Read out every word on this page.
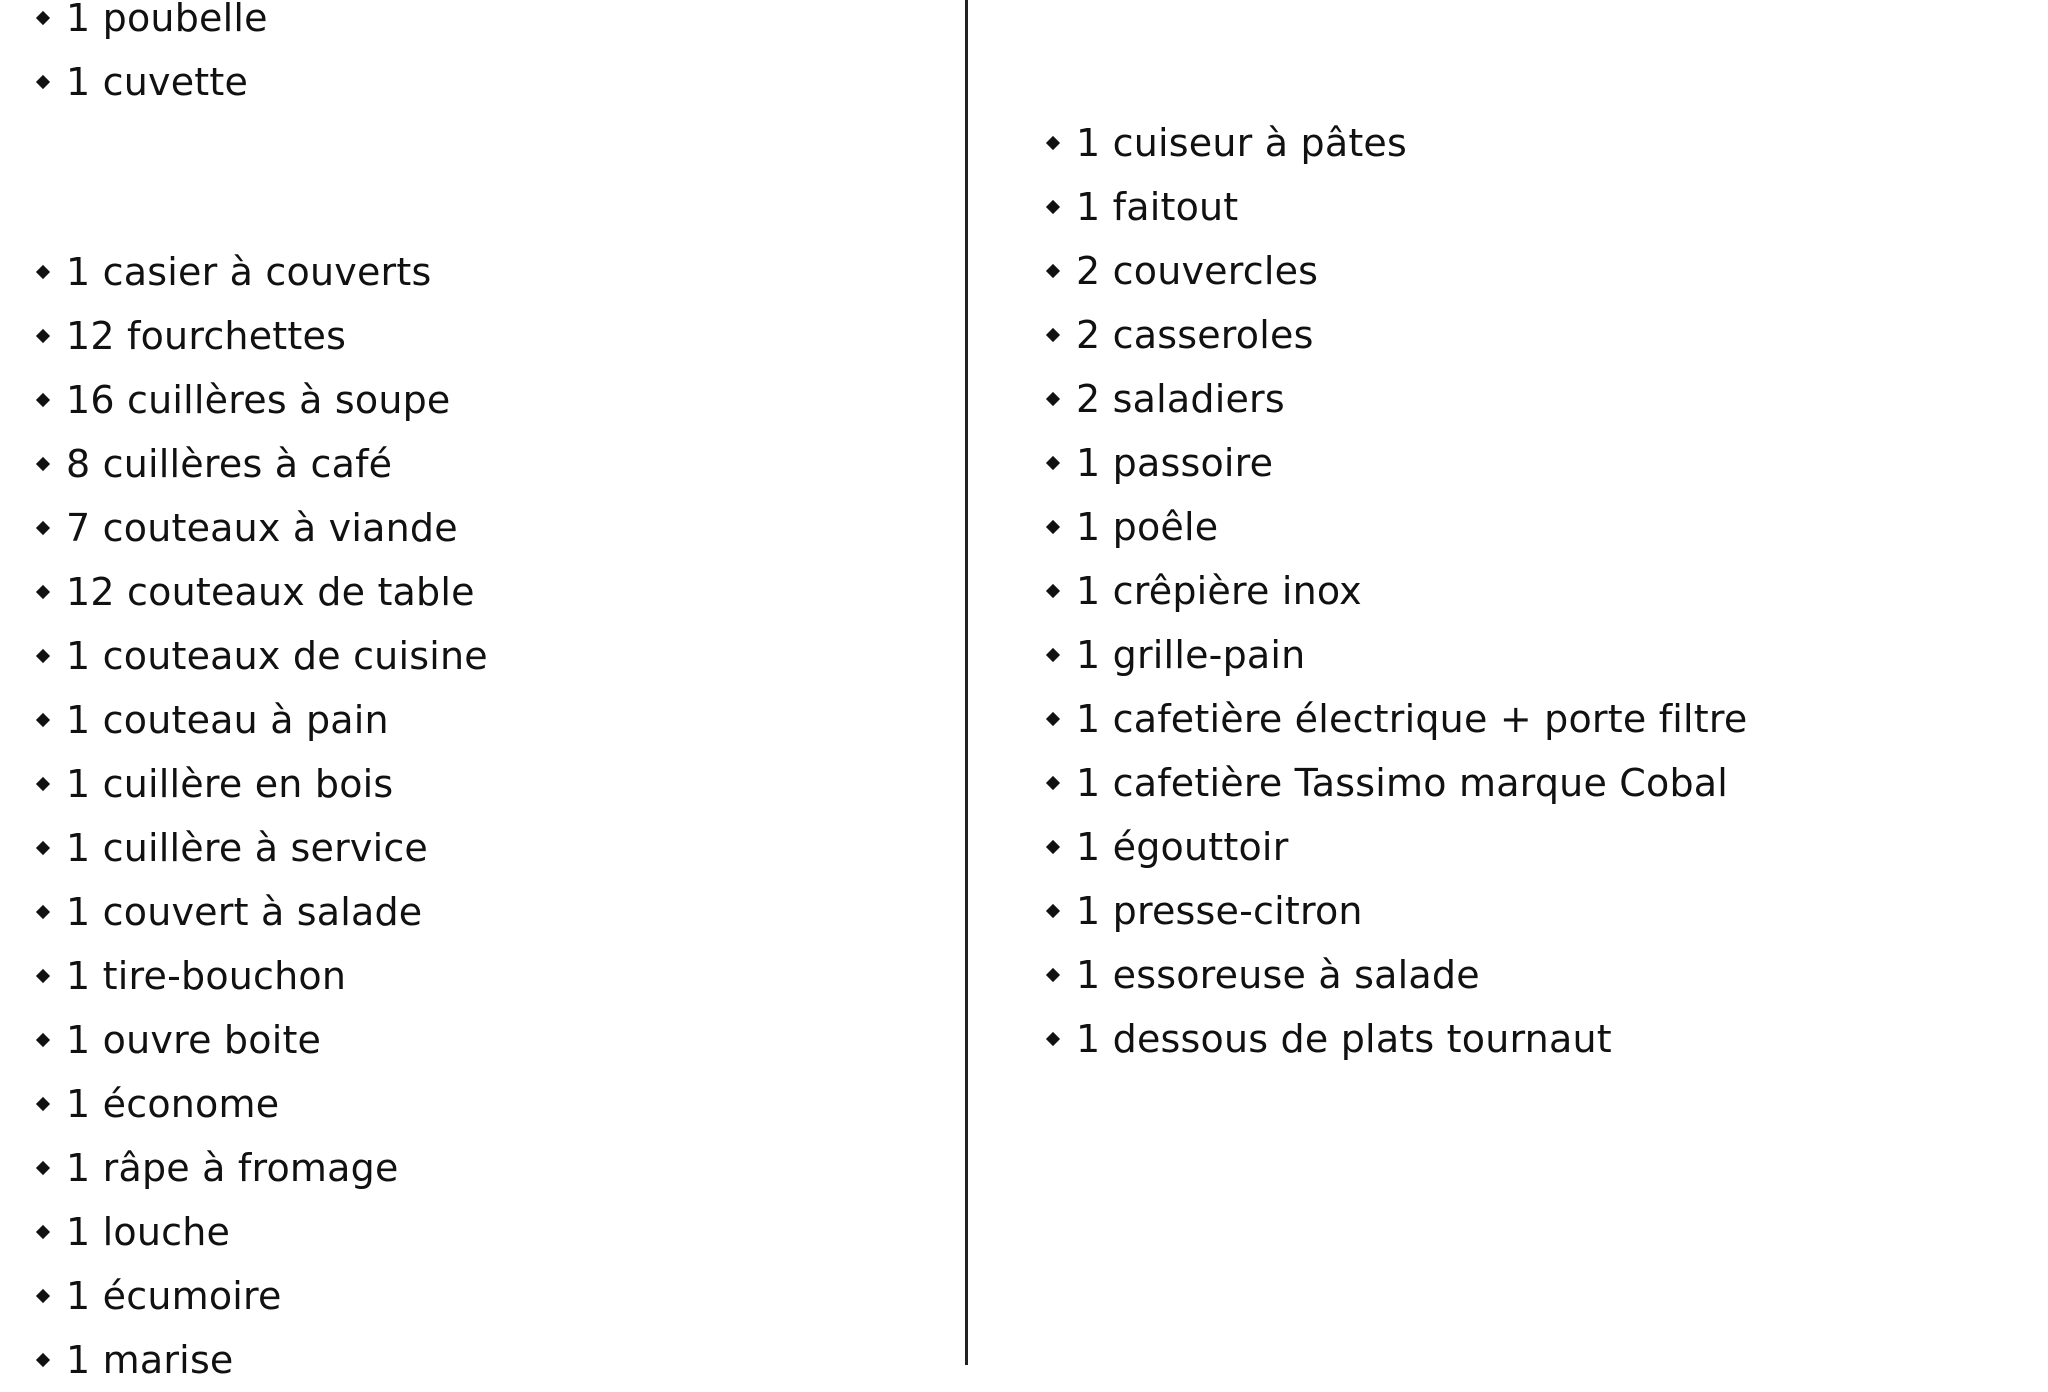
1 poubelle
1 cuvette
1 casier à couverts
12 fourchettes
16 cuillères à soupe
8 cuillères à café
7 couteaux à viande
12 couteaux de table
1 couteaux de cuisine
1 couteau à pain
1 cuillère en bois
1 cuillère à service
1 couvert à salade
1 tire-bouchon
1 ouvre boite
1 économe
1 râpe à fromage
1 louche
1 écumoire
1 marise
1 cuiseur à pâtes
1 faitout
2 couvercles
2 casseroles
2 saladiers
1 passoire
1 poêle
1 crêpière inox
1 grille-pain
1 cafetière électrique + porte filtre
1 cafetière Tassimo marque Cobal
1 égouttoir
1 presse-citron
1 essoreuse à salade
1 dessous de plats tournaut
